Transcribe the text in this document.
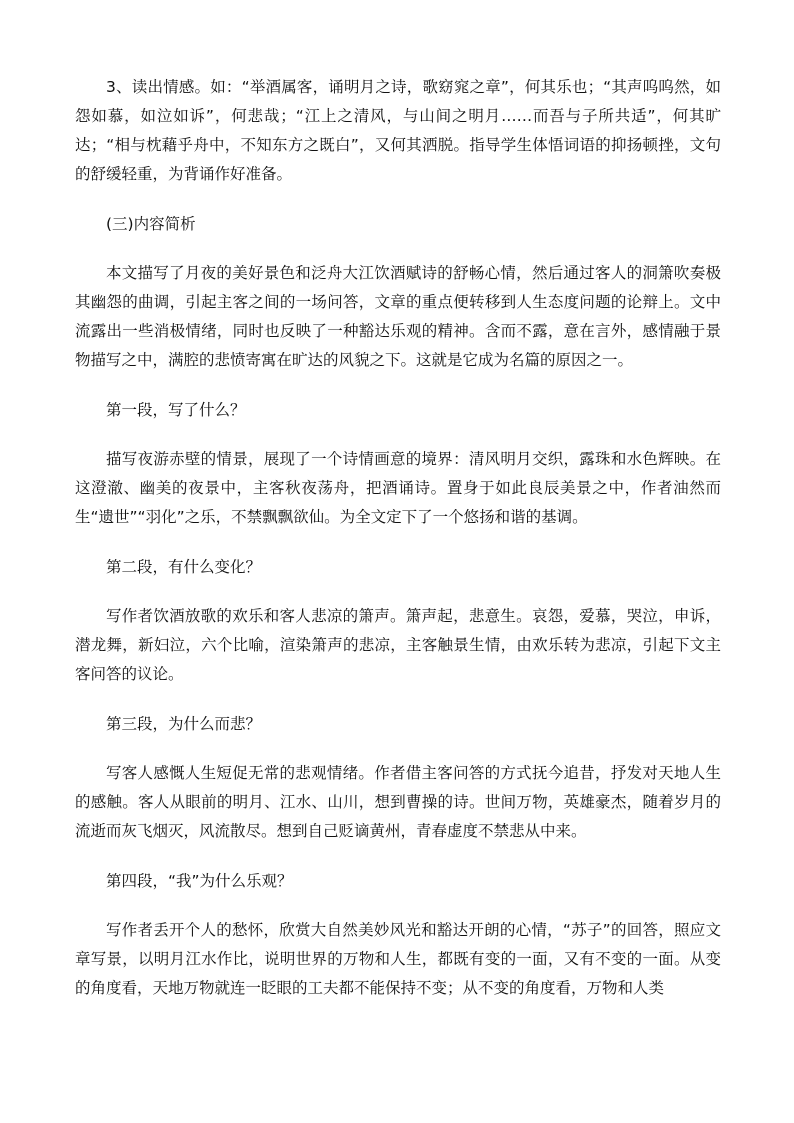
3、读出情感。如：“举酒属客，诵明月之诗，歌窈窕之章”，何其乐也；“其声呜呜然，如怨如慕，如泣如诉”，何悲哉；“江上之清风，与山间之明月……而吾与子所共适”，何其旷达；“相与枕藉乎舟中，不知东方之既白”，又何其洒脱。指导学生体悟词语的抑扬顿挫，文句的舒缓轻重，为背诵作好准备。

(三)内容简析

本文描写了月夜的美好景色和泛舟大江饮酒赋诗的舒畅心情，然后通过客人的洞箫吹奏极其幽怨的曲调，引起主客之间的一场问答，文章的重点便转移到人生态度问题的论辩上。文中流露出一些消极情绪，同时也反映了一种豁达乐观的精神。含而不露，意在言外，感情融于景物描写之中，满腔的悲愤寄寓在旷达的风貌之下。这就是它成为名篇的原因之一。

第一段，写了什么？

描写夜游赤壁的情景，展现了一个诗情画意的境界：清风明月交织，露珠和水色辉映。在这澄澈、幽美的夜景中，主客秋夜荡舟，把酒诵诗。置身于如此良辰美景之中，作者油然而生“遗世”“羽化”之乐，不禁飘飘欲仙。为全文定下了一个悠扬和谐的基调。

第二段，有什么变化？

写作者饮酒放歌的欢乐和客人悲凉的箫声。箫声起，悲意生。哀怨，爱慕，哭泣，申诉，潜龙舞，新妇泣，六个比喻，渲染箫声的悲凉，主客触景生情，由欢乐转为悲凉，引起下文主客问答的议论。

第三段，为什么而悲？

写客人感慨人生短促无常的悲观情绪。作者借主客问答的方式抚今追昔，抒发对天地人生的感触。客人从眼前的明月、江水、山川，想到曹操的诗。世间万物，英雄豪杰，随着岁月的流逝而灰飞烟灭，风流散尽。想到自己贬谪黄州，青春虚度不禁悲从中来。

第四段，“我”为什么乐观？

写作者丢开个人的愁怀，欣赏大自然美妙风光和豁达开朗的心情，“苏子”的回答，照应文章写景，以明月江水作比，说明世界的万物和人生，都既有变的一面，又有不变的一面。从变的角度看，天地万物就连一眨眼的工夫都不能保持不变；从不变的角度看，万物和人类
